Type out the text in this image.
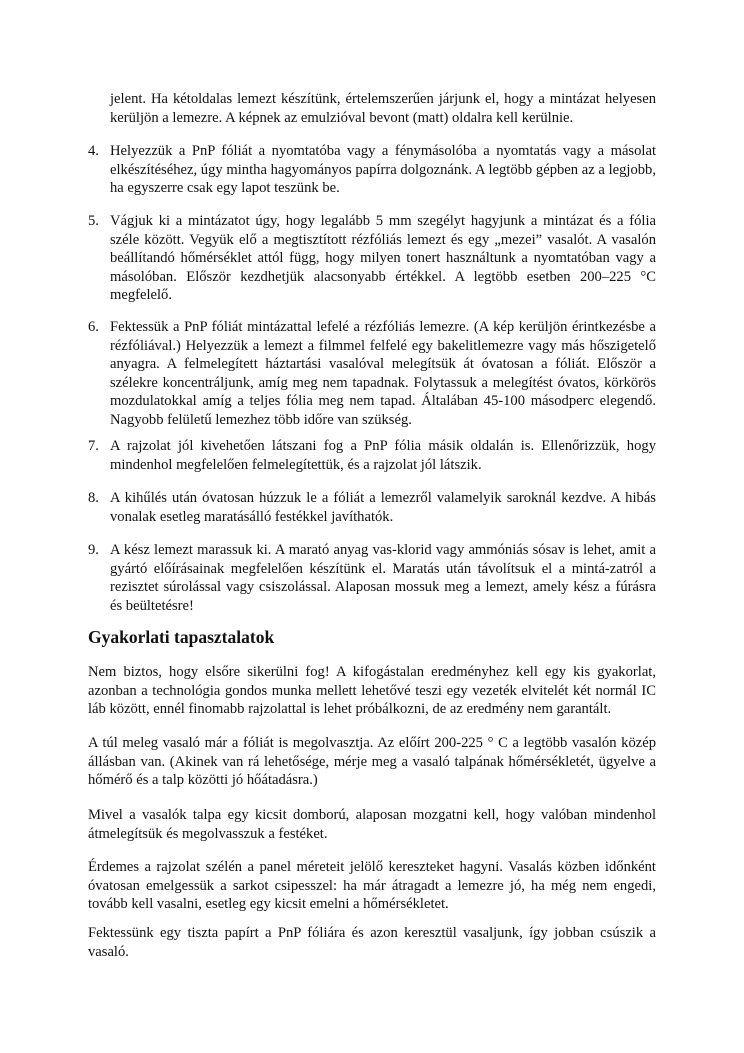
jelent. Ha kétoldalas lemezt készítünk, értelemszerűen járjunk el, hogy a mintázat helyesen kerüljön a lemezre. A képnek az emulzióval bevont (matt) oldalra kell kerülnie.

4. Helyezzük a PnP fóliát a nyomtatóba vagy a fénymásolóba a nyomtatás vagy a másolat elkészítéséhez, úgy mintha hagyományos papírra dolgoznánk. A legtöbb gépben az a legjobb, ha egyszerre csak egy lapot teszünk be.

5. Vágjuk ki a mintázatot úgy, hogy legalább 5 mm szegélyt hagyjunk a mintázat és a fólia széle között. Vegyük elő a megtisztított rézfóliás lemezt és egy „mezei” vasalót. A vasalón beállítandó hőmérséklet attól függ, hogy milyen tonert használtunk a nyomtatóban vagy a másolóban. Először kezdhetjük alacsonyabb értékkel. A legtöbb esetben 200–225 °C megfelelő.

6. Fektessük a PnP fóliát mintázattal lefelé a rézfóliás lemezre. (A kép kerüljön érintkezésbe a rézfóliával.) Helyezzük a lemezt a filmmel felfelé egy bakelitlemezre vagy más hőszigetelő anyagra. A felmelegített háztartási vasalóval melegítsük át óvatosan a fóliát. Először a szélekre koncentráljunk, amíg meg nem tapadnak. Folytassuk a melegítést óvatos, körkörös mozdulatokkal amíg a teljes fólia meg nem tapad. Általában 45-100 másodperc elegendő. Nagyobb felületű lemezhez több időre van szükség.

7. A rajzolat jól kivehetően látszani fog a PnP fólia másik oldalán is. Ellenőrizzük, hogy mindenhol megfelelően felmelegítettük, és a rajzolat jól látszik.

8. A kihűlés után óvatosan húzzuk le a fóliát a lemezről valamelyik saroknál kezdve. A hibás vonalak esetleg maratásálló festékkel javíthatók.

9. A kész lemezt marassuk ki. A marató anyag vas-klorid vagy ammóniás sósav is lehet, amit a gyártó előírásainak megfelelően készítünk el. Maratás után távolítsuk el a mintá-zatról a rezisztet súrolással vagy csiszolással. Alaposan mossuk meg a lemezt, amely kész a fúrásra és beültetésre!

Gyakorlati tapasztalatok

Nem biztos, hogy elsőre sikerülni fog! A kifogástalan eredményhez kell egy kis gyakorlat, azonban a technológia gondos munka mellett lehetővé teszi egy vezeték elvitelét két normál IC láb között, ennél finomabb rajzolattal is lehet próbálkozni, de az eredmény nem garantált.

A túl meleg vasaló már a fóliát is megolvasztja. Az előírt 200-225 ° C a legtöbb vasalón közép állásban van. (Akinek van rá lehetősége, mérje meg a vasaló talpának hőmérsékletét, ügyelve a hőmérő és a talp közötti jó hőátadásra.)

Mivel a vasalók talpa egy kicsit domború, alaposan mozgatni kell, hogy valóban mindenhol átmelegítsük és megolvasszuk a festéket.

Érdemes a rajzolat szélén a panel méreteit jelölő kereszteket hagyni. Vasalás közben időnként óvatosan emelgessük a sarkot csipesszel: ha már átragadt a lemezre jó, ha még nem engedi, tovább kell vasalni, esetleg egy kicsit emelni a hőmérsékletet.

Fektessünk egy tiszta papírt a PnP fóliára és azon keresztül vasaljunk, így jobban csúszik a vasaló.
